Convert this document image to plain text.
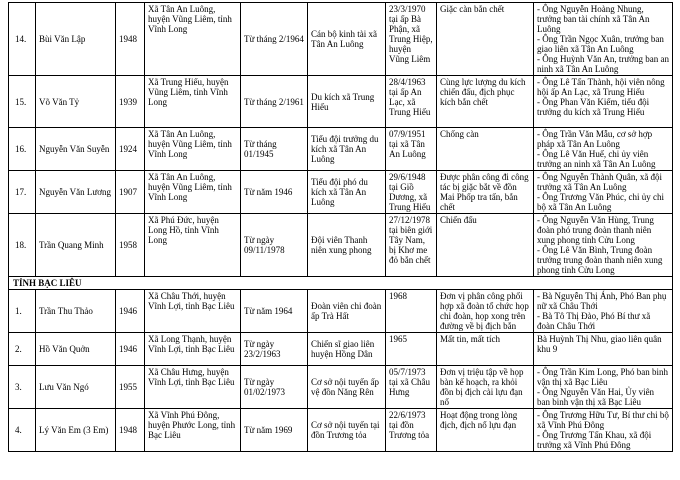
14.	Bùi Văn Lập	1948	Xã Tân An Luông, huyện Vũng Liêm, tỉnh Vĩnh Long	Từ tháng 2/1964	Cán bộ kinh tài xã Tân An Luông	23/3/1970 tại ấp Bà Phận, xã Trung Hiệp, huyện Vũng Liêm	Giặc càn bắn chết	- Ông Nguyễn Hoàng Nhung, trưởng ban tài chính xã Tân An Luông
- Ông Trần Ngọc Xuân, trưởng ban giao liên xã Tân An Luông
- Ông Huỳnh Văn An, trưởng ban an ninh xã Tân An Luông

15.	Võ Văn Tỷ	1939	Xã Trung Hiếu, huyện Vũng Liêm, tỉnh Vĩnh Long	Từ tháng 2/1961	Du kích xã Trung Hiếu	28/4/1963 tại ấp An Lạc, xã Trung Hiếu	Cùng lực lượng du kích chiến đấu, địch phục kích bắn chết	- Ông Lê Tấn Thành, hội viên nông hội ấp An Lạc, xã Trung Hiếu
- Ông Phan Văn Kiếm, tiểu đội trưởng du kích xã Trung Hiếu

16.	Nguyễn Văn Suyễn	1924	Xã Tân An Luông, huyện Vũng Liêm, tỉnh Vĩnh Long	Từ tháng 01/1945	Tiểu đội trưởng du kích xã Tân An Luông	07/9/1951 tại xã Tân An Luông	Chống càn	- Ông Trần Văn Mẫu, cơ sở hợp pháp xã Tân An Luông
- Ông Lê Văn Huế, chi ủy viên trưởng an ninh xã Tân An Luông

17.	Nguyễn Văn Lương	1907	Xã Tân An Luông, huyện Vũng Liêm, tỉnh Vĩnh Long	Từ năm 1946	Tiểu đội phó du kích xã Tân An Luông	29/6/1948 tại Giồ Dương, xã Trung Hiếu	Được phân công đi công tác bị giặc bắt về đồn Mai Phốp tra tấn, bắn chết	- Ông Nguyễn Thành Quân, xã đội trưởng xã Tân An Luông
- Ông Trương Văn Phúc, chi ủy chi bộ xã Tân An Luông

18.	Trần Quang Minh	1958	Xã Phú Đức, huyện Long Hồ, tỉnh Vĩnh Long	Từ ngày 09/11/1978	Đội viên Thanh niên xung phong	27/12/1978 tại biên giới Tây Nam, bị Khơ me đỏ bắn chết	Chiến đấu	- Ông Nguyễn Văn Hùng, Trung đoàn phó trung đoàn thanh niên xung phong tỉnh Cửu Long
- Ông Lê Văn Bình, Trung đoàn trưởng trung đoàn thanh niên xung phong tỉnh Cửu Long

TỈNH BẠC LIÊU								
1.	Trần Thu Thảo	1946	Xã Châu Thới, huyện Vĩnh Lợi, tỉnh Bạc Liêu	Từ năm 1964	Đoàn viên chi đoàn ấp Trà Hất	1968	Đơn vị phân công phối hợp xã đoàn tổ chức họp chi đoàn, họp xong trên đường về bị địch bắn	- Bà Nguyễn Thị Ánh, Phó Ban phụ nữ xã Châu Thới
- Bà Tô Thị Đào, Phó Bí thư xã đoàn Châu Thới

2.	Hồ Văn Quởn	1946	Xã Long Thạnh, huyện Vĩnh Lợi, tỉnh Bạc Liêu	Từ ngày 23/2/1963	Chiến sĩ giao liên huyện Hồng Dân	1965	Mất tin, mất tích	Bà Huỳnh Thị Nhu, giao liên quân khu 9

3.	Lưu Văn Ngó	1955	Xã Châu Hưng, huyện Vĩnh Lợi, tỉnh Bạc Liêu	Từ ngày 01/02/1973	Cơ sở nội tuyến ấp vệ đồn Năng Rên	05/7/1973 tại xã Châu Hưng	Đơn vị triệu tập về họp bàn kế hoạch, ra khỏi đồn bị địch cài lựu đạn nổ	- Ông Trần Kim Long, Phó ban binh vận thị xã Bạc Liêu
- Ông Nguyễn Văn Hai, Ủy viên ban binh vận thị xã Bạc Liêu

4.	Lý Văn Em (3 Em)	1948	Xã Vĩnh Phú Đông, huyện Phước Long, tỉnh Bạc Liêu	Từ năm 1969	Cơ sở nội tuyến tại đồn Trương tỏa	22/6/1973 tại đồn Trương tỏa	Hoạt động trong lòng địch, địch nổ lựu đạn	- Ông Trương Hữu Tư, Bí thư chi bộ xã Vĩnh Phú Đông
- Ông Trương Tấn Khau, xã đội trưởng xã Vĩnh Phú Đông
